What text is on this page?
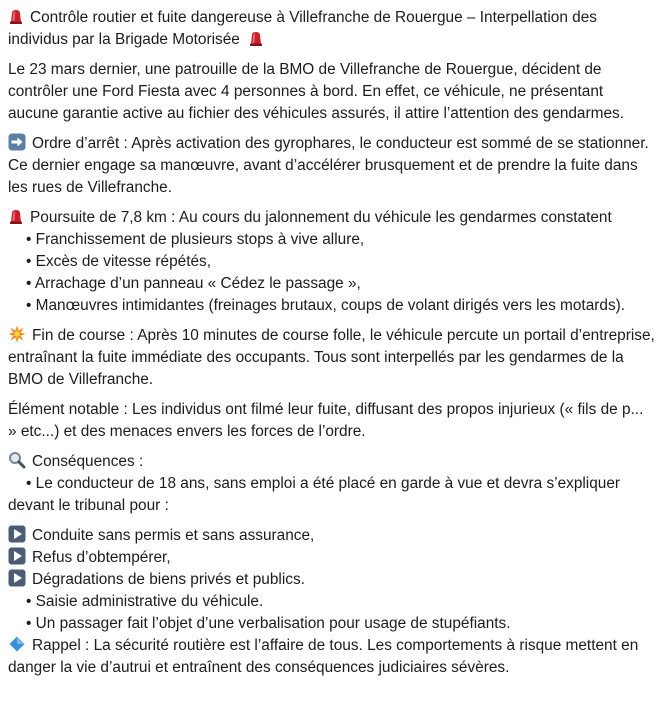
Contrôle routier et fuite dangereuse à Villefranche de Rouergue – Interpellation des individus par la Brigade Motorisée

Le 23 mars dernier, une patrouille de la BMO de Villefranche de Rouergue, décident de contrôler une Ford Fiesta avec 4 personnes à bord. En effet, ce véhicule, ne présentant aucune garantie active au fichier des véhicules assurés, il attire l’attention des gendarmes.

Ordre d’arrêt : Après activation des gyrophares, le conducteur est sommé de se stationner. Ce dernier engage sa manœuvre, avant d’accélérer brusquement et de prendre la fuite dans les rues de Villefranche.

Poursuite de 7,8 km : Au cours du jalonnement du véhicule les gendarmes constatent
• Franchissement de plusieurs stops à vive allure,
• Excès de vitesse répétés,
• Arrachage d’un panneau « Cédez le passage »,
• Manœuvres intimidantes (freinages brutaux, coups de volant dirigés vers les motards).

Fin de course : Après 10 minutes de course folle, le véhicule percute un portail d’entreprise, entraînant la fuite immédiate des occupants. Tous sont interpellés par les gendarmes de la BMO de Villefranche.

Élément notable : Les individus ont filmé leur fuite, diffusant des propos injurieux (« fils de p... » etc...) et des menaces envers les forces de l’ordre.

Conséquences :
• Le conducteur de 18 ans, sans emploi a été placé en garde à vue et devra s’expliquer devant le tribunal pour :
Conduite sans permis et sans assurance,
Refus d’obtempérer,
Dégradations de biens privés et publics.
• Saisie administrative du véhicule.
• Un passager fait l’objet d’une verbalisation pour usage de stupéfiants.
Rappel : La sécurité routière est l’affaire de tous. Les comportements à risque mettent en danger la vie d’autrui et entraînent des conséquences judiciaires sévères.
